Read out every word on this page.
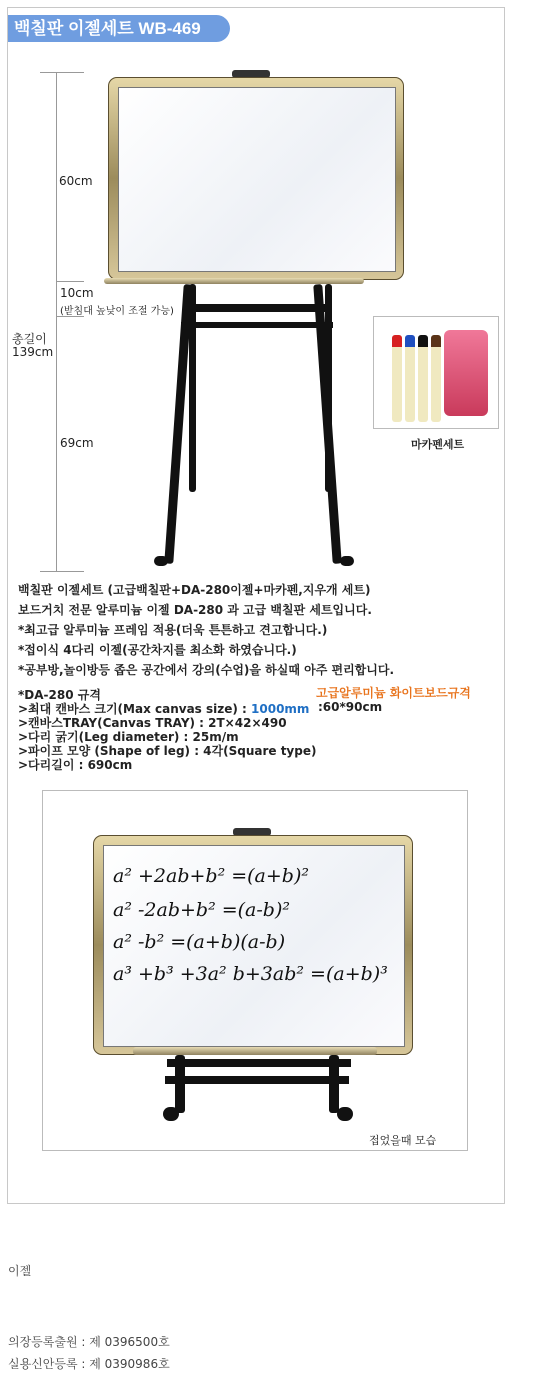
백칠판 이젤세트 WB-469
60cm
10cm
(받침대 높낮이 조절 가능)
총길이
139cm
69cm	마카펜세트
백칠판 이젤세트 (고급백칠판+DA-280이젤+마카펜,지우개 세트)
보드거치 전문 알루미늄 이젤 DA-280 과 고급 백칠판 세트입니다.
*최고급 알루미늄 프레임 적용(더욱 튼튼하고 견고합니다.)
*접이식 4다리 이젤(공간차지를 최소화 하였습니다.)
*공부방,놀이방등 좁은 공간에서 강의(수업)을 하실때 아주 편리합니다.
*DA-280 규격
>최대 캔바스 크기(Max canvas size) : 1000mm
>캔바스TRAY(Canvas TRAY) : 2T×42×490
>다리 굵기(Leg diameter) : 25m/m
>파이프 모양 (Shape of leg) : 4각(Square type)
>다리길이 : 690cm
고급알루미늄 화이트보드규격
:60*90cm
a² +2ab+b² =(a+b)²
a² -2ab+b² =(a-b)²
a² -b² =(a+b)(a-b)
a³ +b³ +3a² b+3ab² =(a+b)³
접었을때 모습
이젤
의장등록출원 : 제 0396500호
실용신안등록 : 제 0390986호
